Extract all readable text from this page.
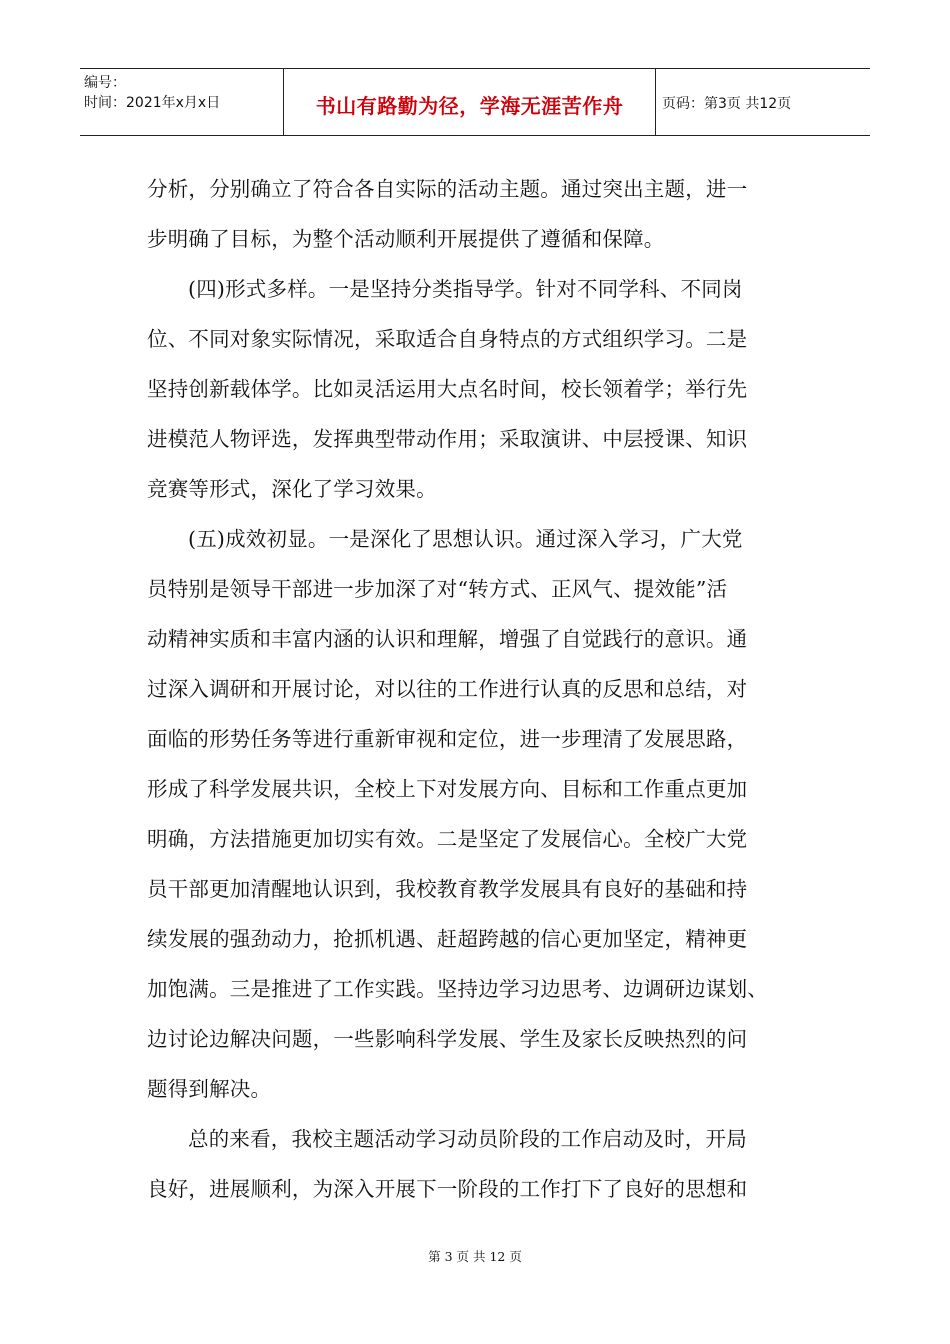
编号：
时间：2021年x月x日	书山有路勤为径，学海无涯苦作舟	页码：第3页 共12页
分析，分别确立了符合各自实际的活动主题。通过突出主题，进一
步明确了目标，为整个活动顺利开展提供了遵循和保障。
(四)形式多样。一是坚持分类指导学。针对不同学科、不同岗
位、不同对象实际情况，采取适合自身特点的方式组织学习。二是
坚持创新载体学。比如灵活运用大点名时间，校长领着学；举行先
进模范人物评选，发挥典型带动作用；采取演讲、中层授课、知识
竞赛等形式，深化了学习效果。
(五)成效初显。一是深化了思想认识。通过深入学习，广大党
员特别是领导干部进一步加深了对“转方式、正风气、提效能”活
动精神实质和丰富内涵的认识和理解，增强了自觉践行的意识。通
过深入调研和开展讨论，对以往的工作进行认真的反思和总结，对
面临的形势任务等进行重新审视和定位，进一步理清了发展思路，
形成了科学发展共识，全校上下对发展方向、目标和工作重点更加
明确，方法措施更加切实有效。二是坚定了发展信心。全校广大党
员干部更加清醒地认识到，我校教育教学发展具有良好的基础和持
续发展的强劲动力，抢抓机遇、赶超跨越的信心更加坚定，精神更
加饱满。三是推进了工作实践。坚持边学习边思考、边调研边谋划、
边讨论边解决问题，一些影响科学发展、学生及家长反映热烈的问
题得到解决。
总的来看，我校主题活动学习动员阶段的工作启动及时，开局
良好，进展顺利，为深入开展下一阶段的工作打下了良好的思想和
第 3 页 共 12 页
